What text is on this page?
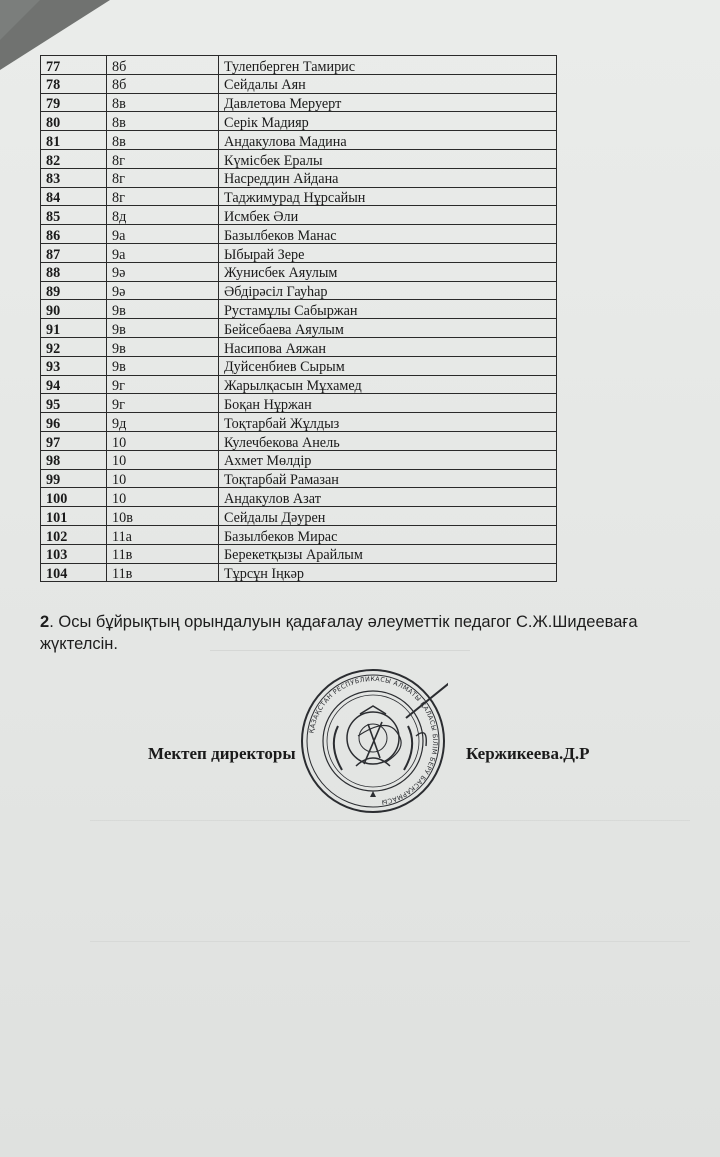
77	8б	Тулепберген Тамирис
78	8б	Сейдалы Аян
79	8в	Давлетова Меруерт
80	8в	Серік Мадияр
81	8в	Андакулова Мадина
82	8г	Күмісбек Ералы
83	8г	Насреддин Айдана
84	8г	Таджимурад Нұрсайын
85	8д	Исмбек Әли
86	9а	Базылбеков Манас
87	9а	Ыбырай Зере
88	9ә	Жунисбек Аяулым
89	9ә	Әбдірәсіл Гауһар
90	9в	Рустамұлы Сабыржан
91	9в	Бейсебаева Аяулым
92	9в	Насипова Аяжан
93	9в	Дуйсенбиев Сырым
94	9г	Жарылқасын Мұхамед
95	9г	Боқан Нұржан
96	9д	Тоқтарбай Жұлдыз
97	10	Кулечбекова Анель
98	10	Ахмет Мөлдір
99	10	Тоқтарбай Рамазан
100	10	Андакулов Азат
101	10в	Сейдалы Дәурен
102	11а	Базылбеков Мирас
103	11в	Берекетқызы Арайлым
104	11в	Тұрсұн Іңкәр
2. Осы бұйрықтың орындалуын қадағалау әлеуметтік педагог С.Ж.Шидееваға жүктелсін.
Мектеп директоры	Кержикеева.Д.Р
ҚАЗАҚСТАН РЕСПУБЛИКАСЫ АЛМАТЫ ҚАЛАСЫ БІЛІМ БЕРУ БАСҚАРМАСЫ
